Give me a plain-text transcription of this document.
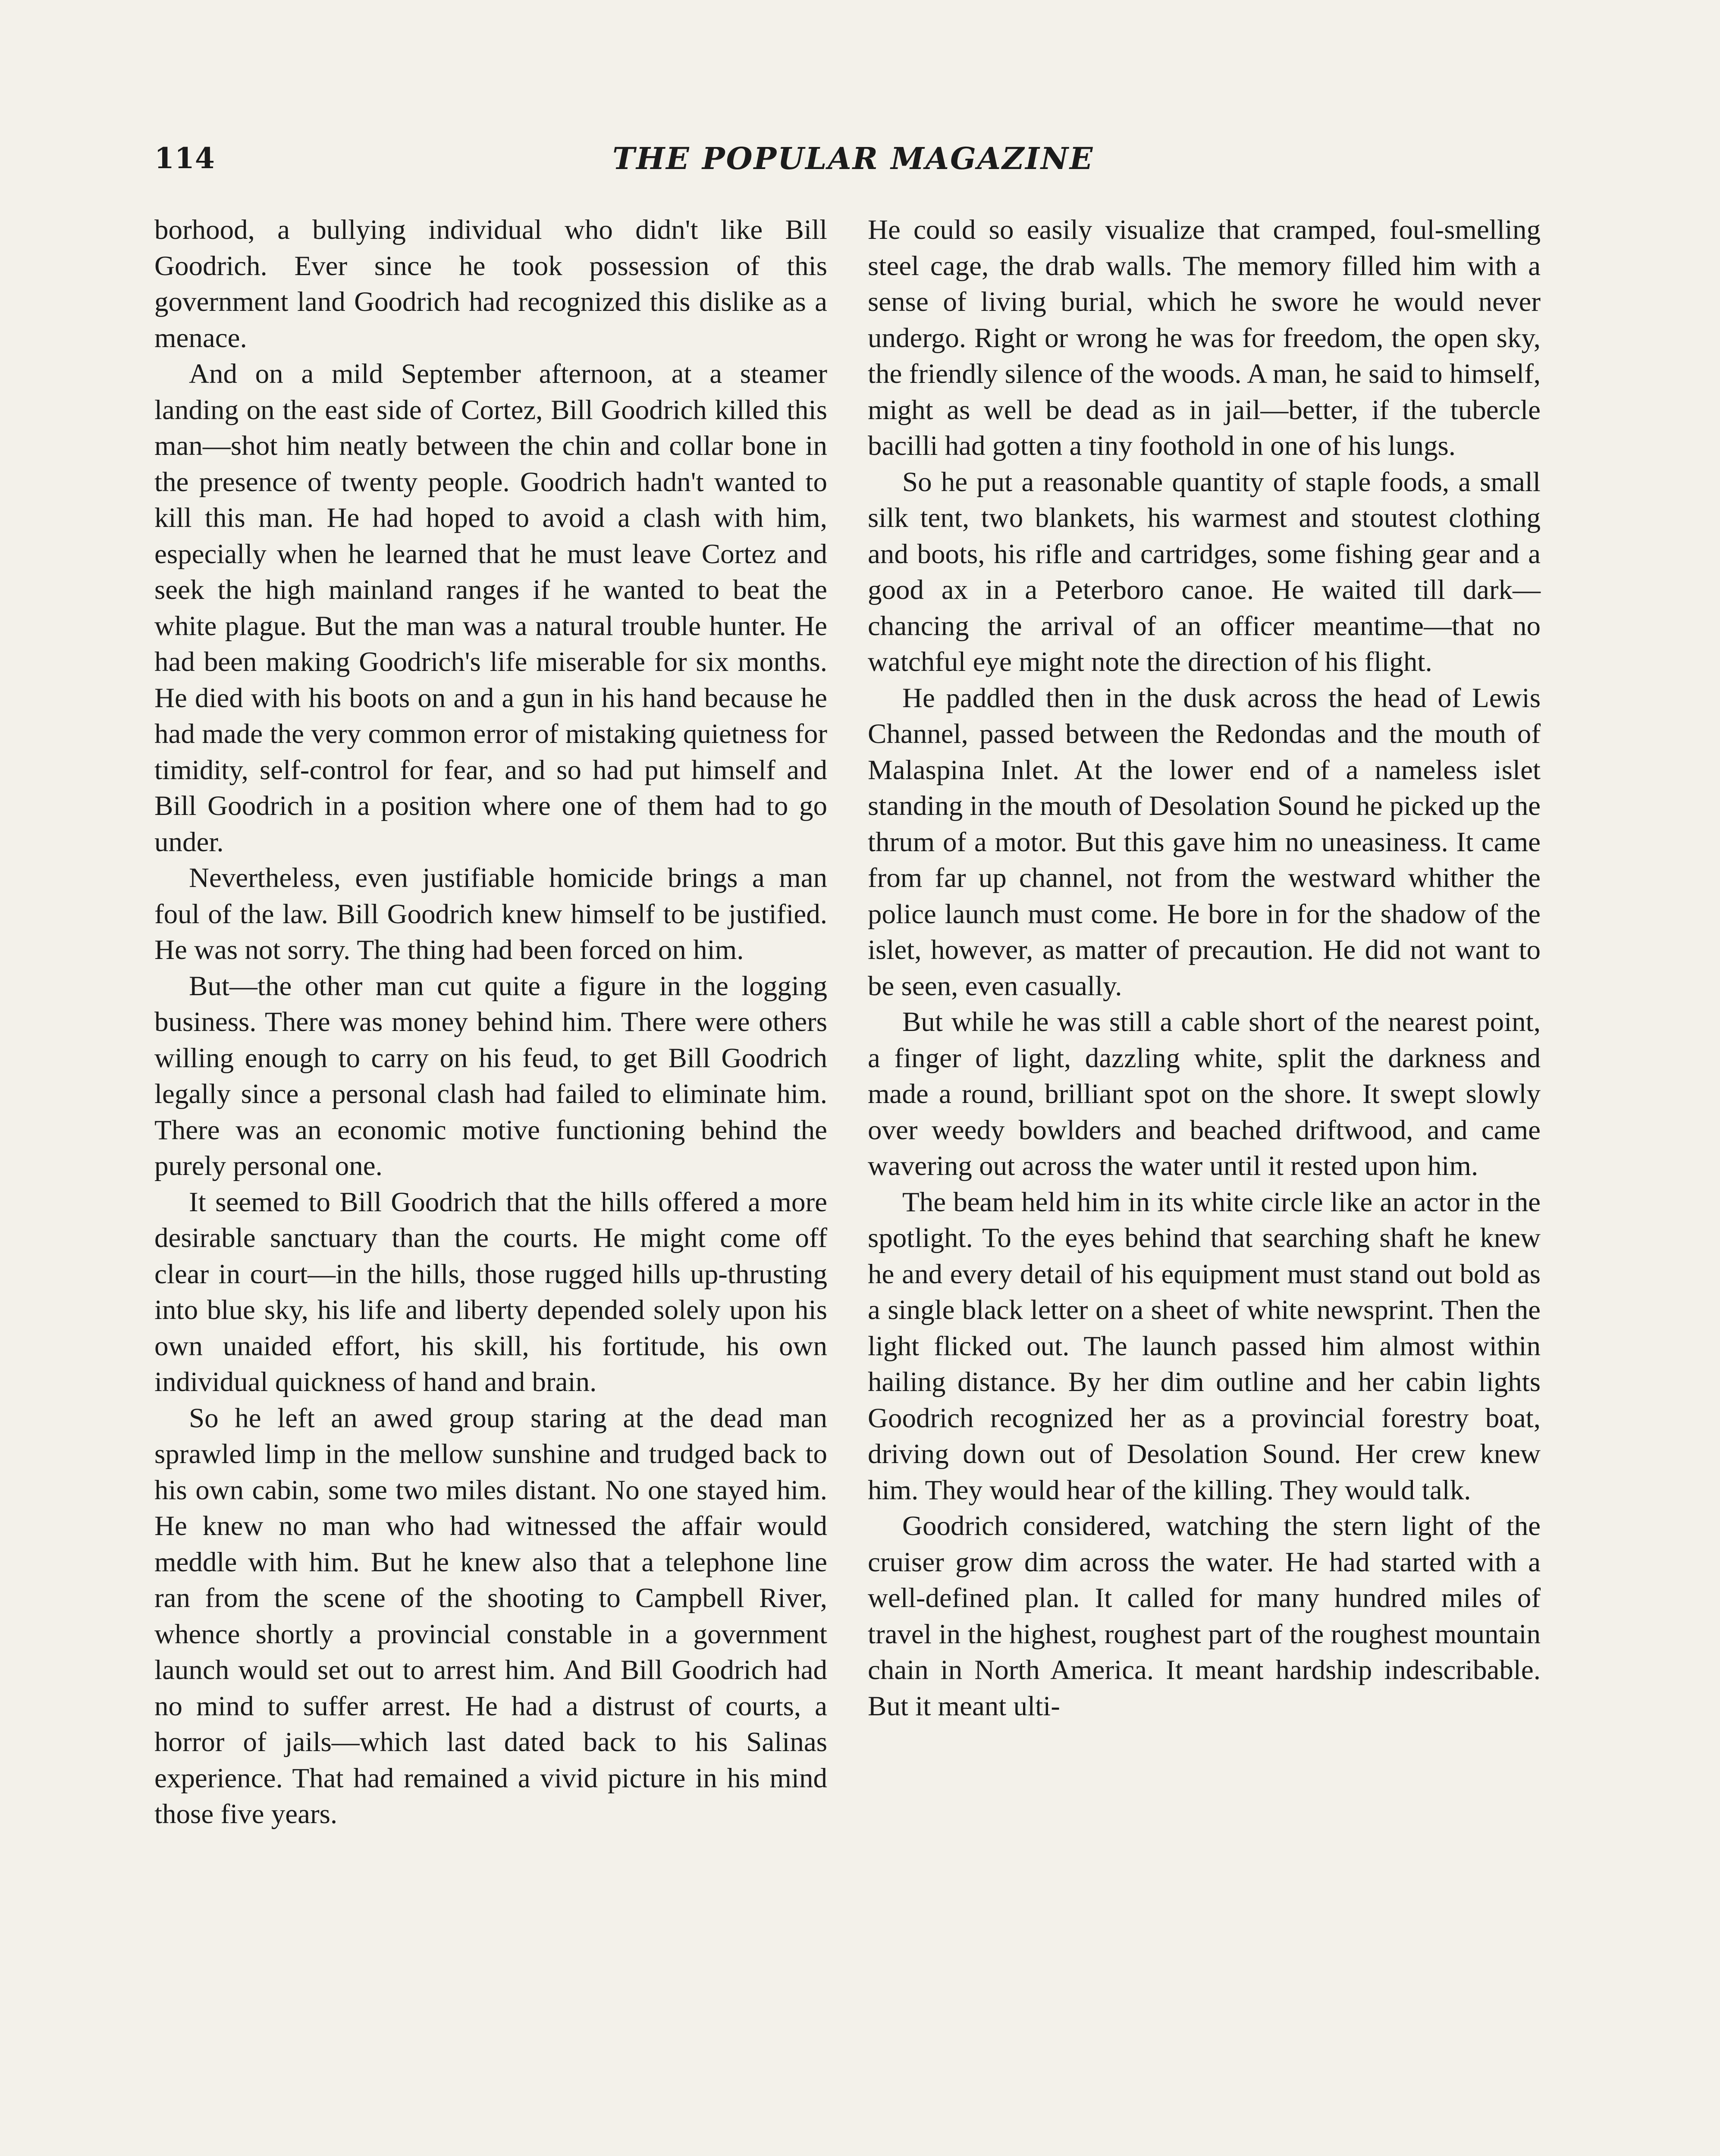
114	THE POPULAR MAGAZINE

borhood, a bullying individual who didn't like Bill Goodrich. Ever since he took possession of this government land Goodrich had recognized this dislike as a menace.

And on a mild September afternoon, at a steamer landing on the east side of Cortez, Bill Goodrich killed this man—shot him neatly between the chin and collar bone in the presence of twenty people. Goodrich hadn't wanted to kill this man. He had hoped to avoid a clash with him, especially when he learned that he must leave Cortez and seek the high mainland ranges if he wanted to beat the white plague. But the man was a natural trouble hunter. He had been making Goodrich's life miserable for six months. He died with his boots on and a gun in his hand because he had made the very common error of mistaking quietness for timidity, self-control for fear, and so had put himself and Bill Goodrich in a position where one of them had to go under.

Nevertheless, even justifiable homicide brings a man foul of the law. Bill Goodrich knew himself to be justified. He was not sorry. The thing had been forced on him.

But—the other man cut quite a figure in the logging business. There was money behind him. There were others willing enough to carry on his feud, to get Bill Goodrich legally since a personal clash had failed to eliminate him. There was an economic motive functioning behind the purely personal one.

It seemed to Bill Goodrich that the hills offered a more desirable sanctuary than the courts. He might come off clear in court—in the hills, those rugged hills up-thrusting into blue sky, his life and liberty depended solely upon his own unaided effort, his skill, his fortitude, his own individual quickness of hand and brain.

So he left an awed group staring at the dead man sprawled limp in the mellow sunshine and trudged back to his own cabin, some two miles distant. No one stayed him. He knew no man who had witnessed the affair would meddle with him. But he knew also that a telephone line ran from the scene of the shooting to Campbell River, whence shortly a provincial constable in a government launch would set out to arrest him. And Bill Goodrich had no mind to suffer arrest. He had a distrust of courts, a horror of jails—which last dated back to his Salinas experience. That had remained a vivid picture in his mind those five years.

He could so easily visualize that cramped, foul-smelling steel cage, the drab walls. The memory filled him with a sense of living burial, which he swore he would never undergo. Right or wrong he was for freedom, the open sky, the friendly silence of the woods. A man, he said to himself, might as well be dead as in jail—better, if the tubercle bacilli had gotten a tiny foothold in one of his lungs.

So he put a reasonable quantity of staple foods, a small silk tent, two blankets, his warmest and stoutest clothing and boots, his rifle and cartridges, some fishing gear and a good ax in a Peterboro canoe. He waited till dark—chancing the arrival of an officer meantime—that no watchful eye might note the direction of his flight.

He paddled then in the dusk across the head of Lewis Channel, passed between the Redondas and the mouth of Malaspina Inlet. At the lower end of a nameless islet standing in the mouth of Desolation Sound he picked up the thrum of a motor. But this gave him no uneasiness. It came from far up channel, not from the westward whither the police launch must come. He bore in for the shadow of the islet, however, as matter of precaution. He did not want to be seen, even casually.

But while he was still a cable short of the nearest point, a finger of light, dazzling white, split the darkness and made a round, brilliant spot on the shore. It swept slowly over weedy bowlders and beached driftwood, and came wavering out across the water until it rested upon him.

The beam held him in its white circle like an actor in the spotlight. To the eyes behind that searching shaft he knew he and every detail of his equipment must stand out bold as a single black letter on a sheet of white newsprint. Then the light flicked out. The launch passed him almost within hailing distance. By her dim outline and her cabin lights Goodrich recognized her as a provincial forestry boat, driving down out of Desolation Sound. Her crew knew him. They would hear of the killing. They would talk.

Goodrich considered, watching the stern light of the cruiser grow dim across the water. He had started with a well-defined plan. It called for many hundred miles of travel in the highest, roughest part of the roughest mountain chain in North America. It meant hardship indescribable. But it meant ulti-
